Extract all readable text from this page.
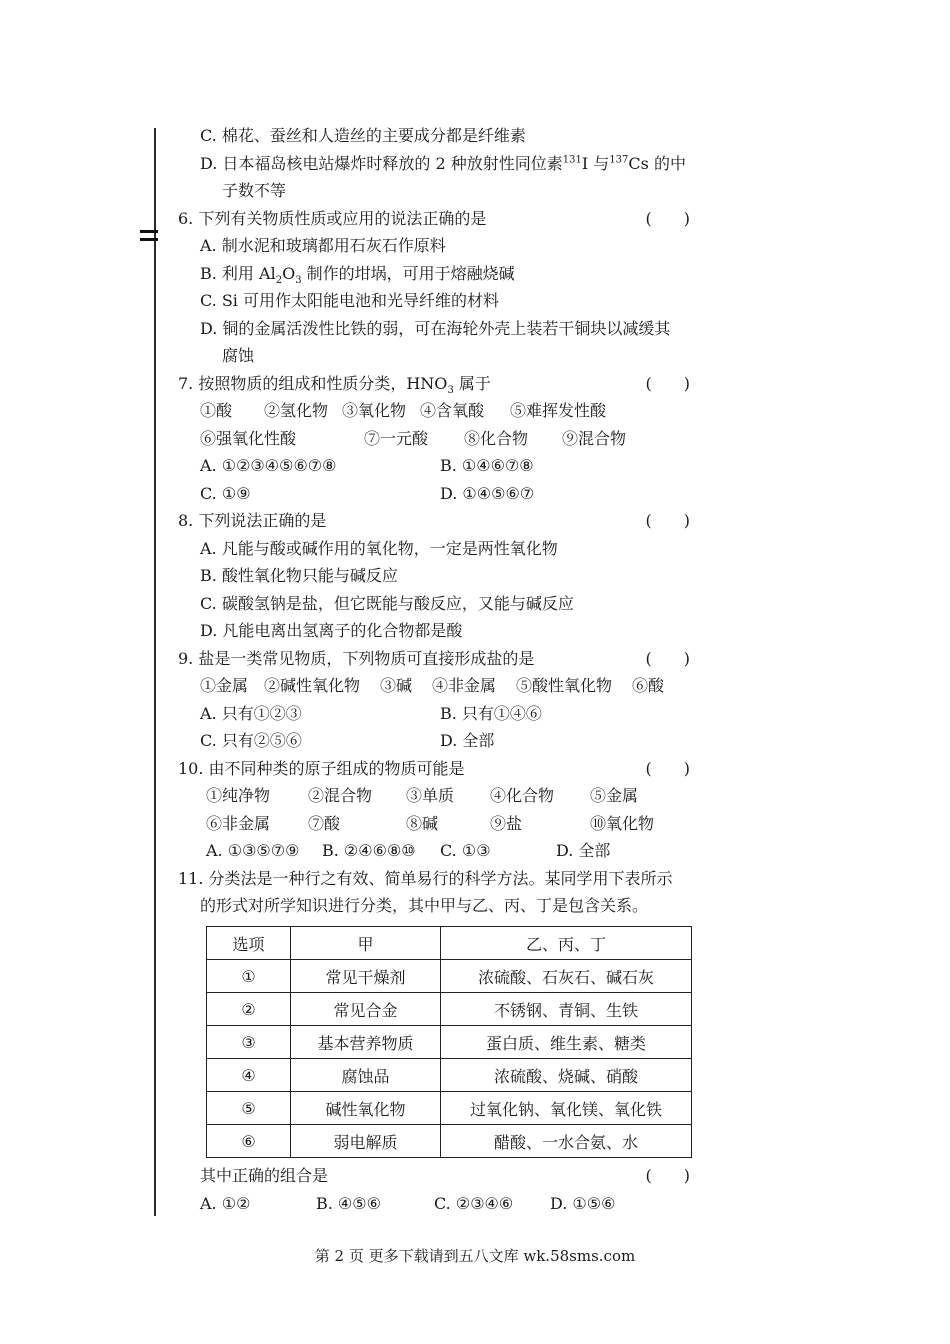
C. 棉花、蚕丝和人造丝的主要成分都是纤维素
D. 日本福岛核电站爆炸时释放的 2 种放射性同位素$^{131}$I 与$^{137}$Cs 的中
子数不等
6. 下列有关物质性质或应用的说法正确的是	(　　)
A. 制水泥和玻璃都用石灰石作原料
B. 利用 $Al_2O_3$ 制作的坩埚，可用于熔融烧碱
C. Si 可用作太阳能电池和光导纤维的材料
D. 铜的金属活泼性比铁的弱，可在海轮外壳上装若干铜块以减缓其
腐蚀
7. 按照物质的组成和性质分类，$HNO_3$ 属于	(　　)
①酸 ②氢化物 ③氧化物 ④含氧酸 ⑤难挥发性酸
⑥强氧化性酸	⑦一元酸 ⑧化合物 ⑨混合物
A. ①②③④⑤⑥⑦⑧	B. ①④⑥⑦⑧
C. ①⑨	D. ①④⑤⑥⑦
8. 下列说法正确的是	(　　)
A. 凡能与酸或碱作用的氧化物，一定是两性氧化物
B. 酸性氧化物只能与碱反应
C. 碳酸氢钠是盐，但它既能与酸反应，又能与碱反应
D. 凡能电离出氢离子的化合物都是酸
9. 盐是一类常见物质，下列物质可直接形成盐的是	(　　)
①金属 ②碱性氧化物 ③碱 ④非金属 ⑤酸性氧化物 ⑥酸
A. 只有①②③	B. 只有①④⑥
C. 只有②⑤⑥	D. 全部
10. 由不同种类的原子组成的物质可能是	(　　)
①纯净物 ②混合物 ③单质 ④化合物 ⑤金属
⑥非金属 ⑦酸	⑧碱	⑨盐	⑩氧化物
A. ①③⑤⑦⑨ B. ②④⑥⑧⑩ C. ①③	D. 全部
11. 分类法是一种行之有效、简单易行的科学方法。某同学用下表所示
的形式对所学知识进行分类，其中甲与乙、丙、丁是包含关系。
选项	甲	乙、丙、丁
①	常见干燥剂	浓硫酸、石灰石、碱石灰
②	常见合金	不锈钢、青铜、生铁
③	基本营养物质	蛋白质、维生素、糖类
④	腐蚀品	浓硫酸、烧碱、硝酸
⑤	碱性氧化物	过氧化钠、氧化镁、氧化铁
⑥	弱电解质	醋酸、一水合氨、水
其中正确的组合是	(　　)
A. ①②	B. ④⑤⑥	C. ②③④⑥ D. ①⑤⑥
第 2 页 更多下载请到五八文库 wk.58sms.com
